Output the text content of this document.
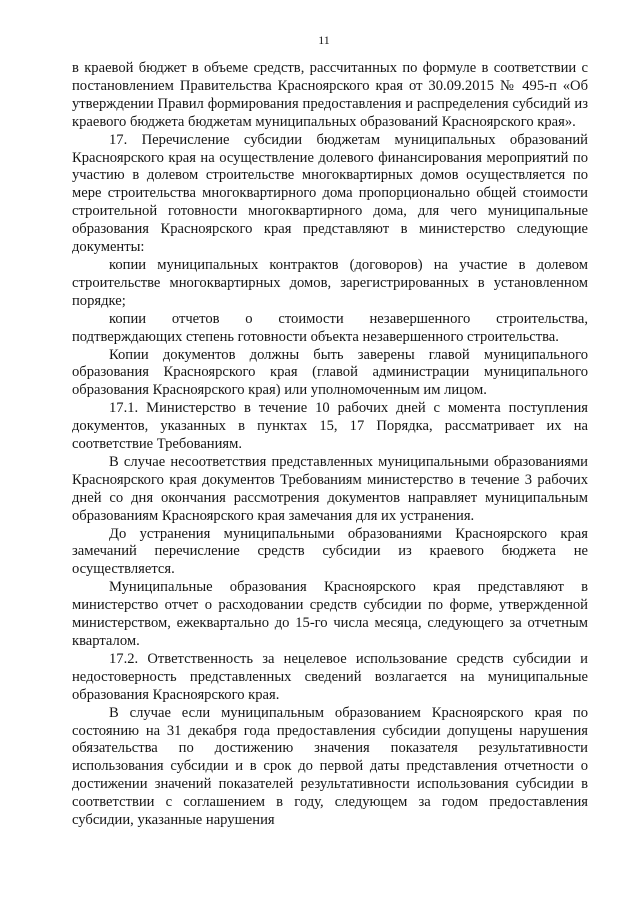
11

в краевой бюджет в объеме средств, рассчитанных по формуле в соответствии с постановлением Правительства Красноярского края от 30.09.2015 № 495-п «Об утверждении Правил формирования предоставления и распределения субсидий из краевого бюджета бюджетам муниципальных образований Красноярского края».

17. Перечисление субсидии бюджетам муниципальных образований Красноярского края на осуществление долевого финансирования мероприятий по участию в долевом строительстве многоквартирных домов осуществляется по мере строительства многоквартирного дома пропорционально общей стоимости строительной готовности многоквартирного дома, для чего муниципальные образования Красноярского края представляют в министерство следующие документы:

копии муниципальных контрактов (договоров) на участие в долевом строительстве многоквартирных домов, зарегистрированных в установленном порядке;

копии отчетов о стоимости незавершенного строительства, подтверждающих степень готовности объекта незавершенного строительства.

Копии документов должны быть заверены главой муниципального образования Красноярского края (главой администрации муниципального образования Красноярского края) или уполномоченным им лицом.

17.1. Министерство в течение 10 рабочих дней с момента поступления документов, указанных в пунктах 15, 17 Порядка, рассматривает их на соответствие Требованиям.

В случае несоответствия представленных муниципальными образованиями Красноярского края документов Требованиям министерство в течение 3 рабочих дней со дня окончания рассмотрения документов направляет муниципальным образованиям Красноярского края замечания для их устранения.

До устранения муниципальными образованиями Красноярского края замечаний перечисление средств субсидии из краевого бюджета не осуществляется.

Муниципальные образования Красноярского края представляют в министерство отчет о расходовании средств субсидии по форме, утвержденной министерством, ежеквартально до 15-го числа месяца, следующего за отчетным кварталом.

17.2. Ответственность за нецелевое использование средств субсидии и недостоверность представленных сведений возлагается на муниципальные образования Красноярского края.

В случае если муниципальным образованием Красноярского края по состоянию на 31 декабря года предоставления субсидии допущены нарушения обязательства по достижению значения показателя результативности использования субсидии и в срок до первой даты представления отчетности о достижении значений показателей результативности использования субсидии в соответствии с соглашением в году, следующем за годом предоставления субсидии, указанные нарушения
